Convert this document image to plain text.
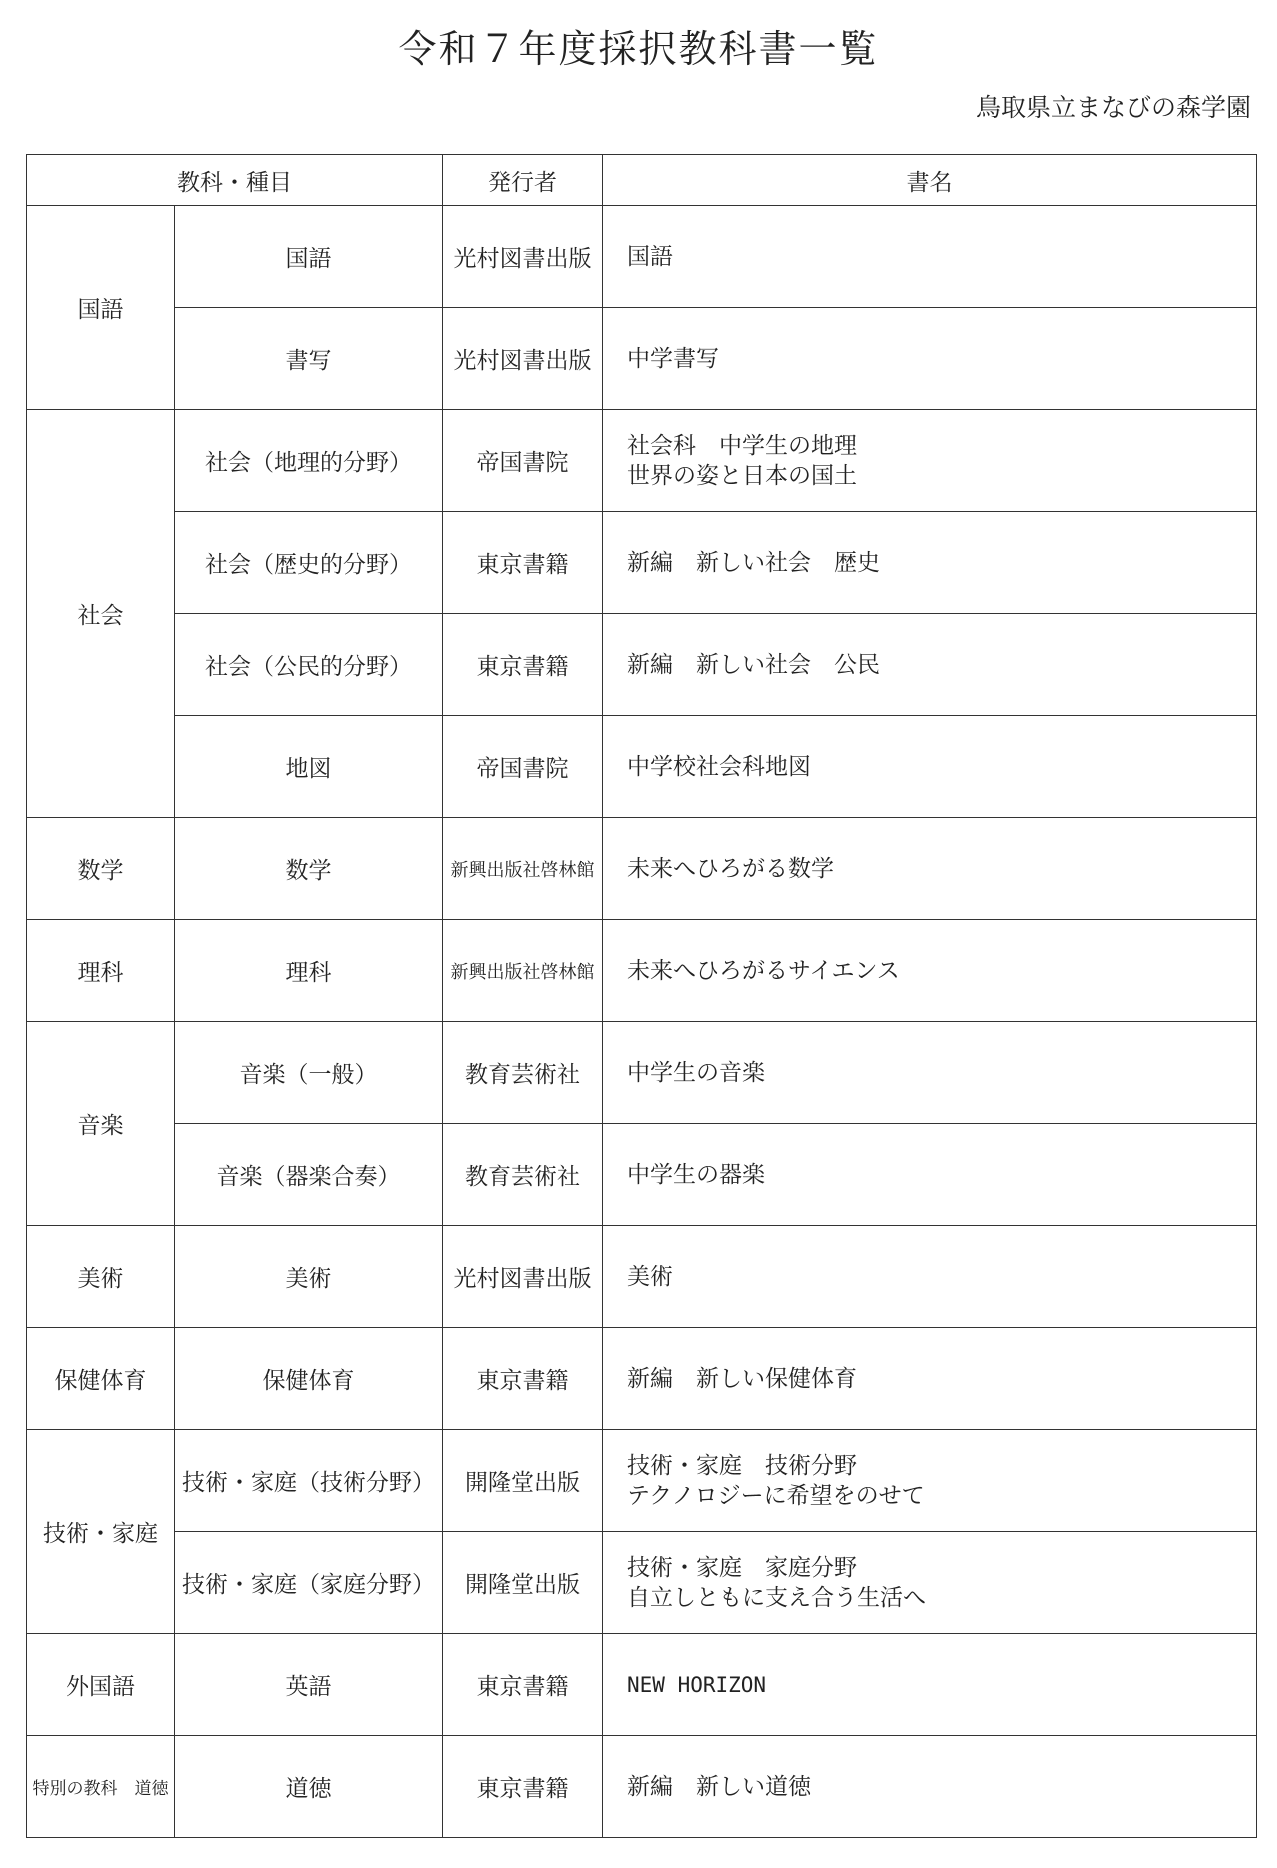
令和７年度採択教科書一覧
鳥取県立まなびの森学園
教科・種目		発行者	書名
国語	国語	光村図書出版	国語
	書写	光村図書出版	中学書写
社会	社会（地理的分野）	帝国書院	社会科　中学生の地理
世界の姿と日本の国土

	社会（歴史的分野）	東京書籍	新編　新しい社会　歴史
	社会（公民的分野）	東京書籍	新編　新しい社会　公民
	地図	帝国書院	中学校社会科地図
数学	数学	新興出版社啓林館	未来へひろがる数学
理科	理科	新興出版社啓林館	未来へひろがるサイエンス
音楽	音楽（一般）	教育芸術社	中学生の音楽
	音楽（器楽合奏）	教育芸術社	中学生の器楽
美術	美術	光村図書出版	美術
保健体育	保健体育	東京書籍	新編　新しい保健体育
技術・家庭	技術・家庭（技術分野）	開隆堂出版	技術・家庭　技術分野
テクノロジーに希望をのせて

	技術・家庭（家庭分野）	開隆堂出版	技術・家庭　家庭分野
自立しともに支え合う生活へ

外国語	英語	東京書籍	NEW HORIZON
特別の教科　道徳	道徳	東京書籍	新編　新しい道徳
